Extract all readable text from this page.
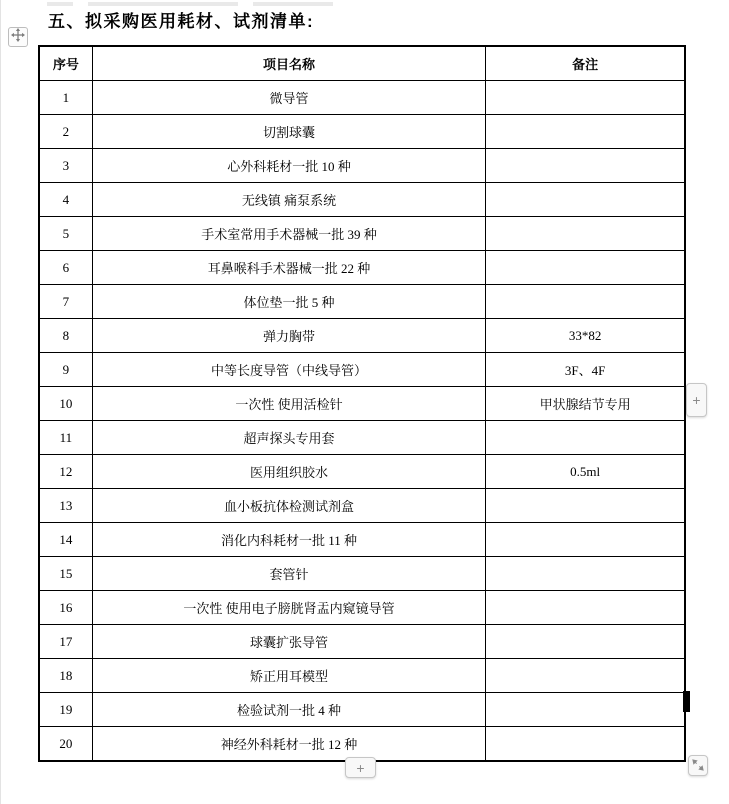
五、拟采购医用耗材、试剂清单:
序号	项目名称	备注
1	微导管	
2	切割球囊	
3	心外科耗材一批 10 种	
4	无线镇 痛泵系统	
5	手术室常用手术器械一批 39 种	
6	耳鼻喉科手术器械一批 22 种	
7	体位垫一批 5 种	
8	弹力胸带	33*82
9	中等长度导管（中线导管）	3F、4F
10	一次性 使用活检针	甲状腺结节专用
11	超声探头专用套	
12	医用组织胶水	0.5ml
13	血小板抗体检测试剂盒	
14	消化内科耗材一批 11 种	
15	套管针	
16	一次性 使用电子膀胱肾盂内窥镜导管	
17	球囊扩张导管	
18	矫正用耳模型	
19	检验试剂一批 4 种	
20	神经外科耗材一批 12 种	
+
+
